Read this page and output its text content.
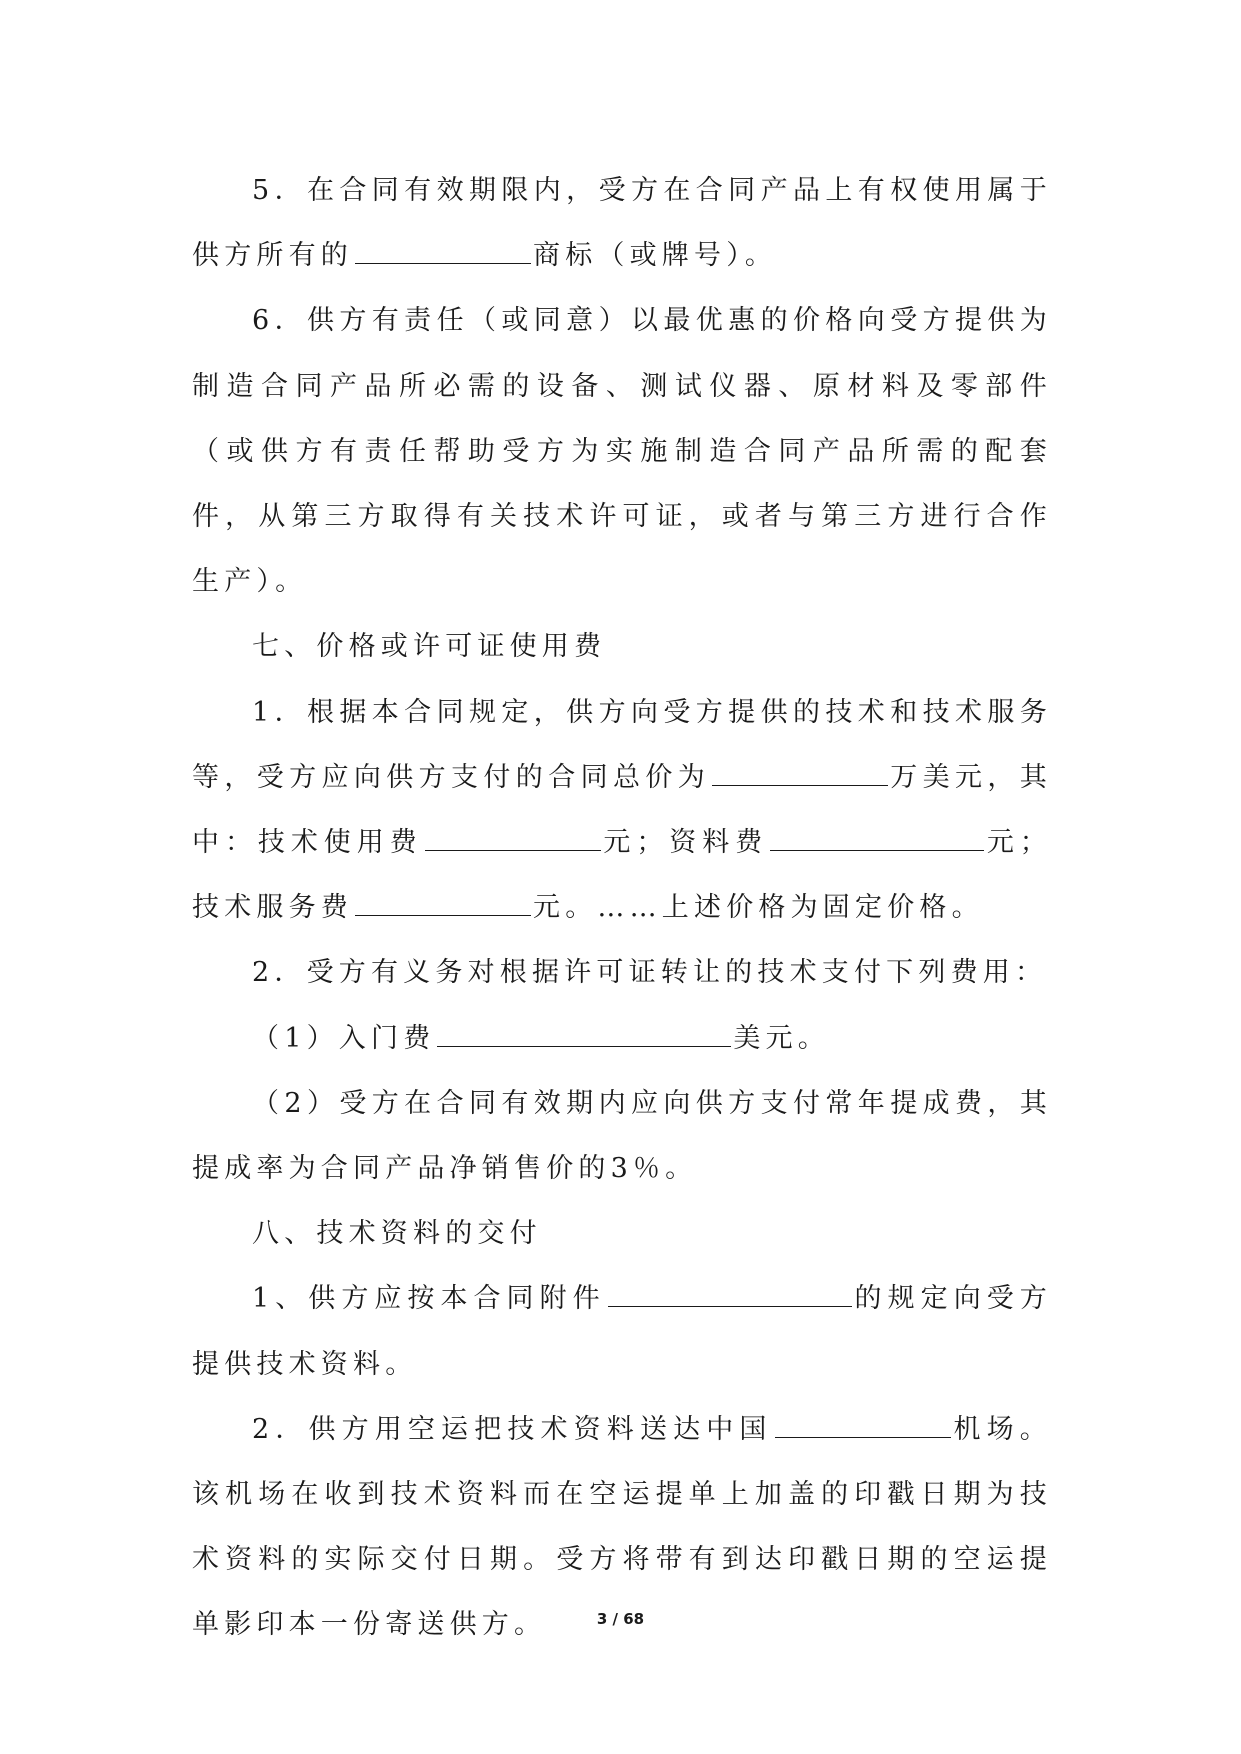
5．在合同有效期限内，受方在合同产品上有权使用属于供方所有的	商标（或牌号）。

6．供方有责任（或同意）以最优惠的价格向受方提供为制造合同产品所必需的设备、测试仪器、原材料及零部件（或供方有责任帮助受方为实施制造合同产品所需的配套件，从第三方取得有关技术许可证，或者与第三方进行合作生产）。

七、价格或许可证使用费

1．根据本合同规定，供方向受方提供的技术和技术服务等，受方应向供方支付的合同总价为	万美元，其中：技术使用费	元；资料费	元；技术服务费	元。……上述价格为固定价格。

2．受方有义务对根据许可证转让的技术支付下列费用：

（1）入门费	美元。

（2）受方在合同有效期内应向供方支付常年提成费，其提成率为合同产品净销售价的3％。

八、技术资料的交付

1、供方应按本合同附件	的规定向受方提供技术资料。

2．供方用空运把技术资料送达中国	机场。该机场在收到技术资料而在空运提单上加盖的印戳日期为技术资料的实际交付日期。受方将带有到达印戳日期的空运提单影印本一份寄送供方。	3 / 68
